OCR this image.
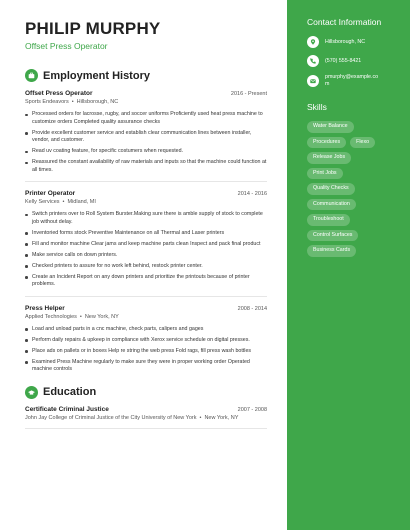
PHILIP MURPHY
Offset Press Operator
Employment History
Offset Press Operator	2016 - Present
Sports Endeavors • Hillsborough, NC
Processed orders for lacrosse, rugby, and soccer uniforms Proficiently used heat press machine to customize orders Completed quality assurance checks
Provide excellent customer service and establish clear communication lines between installer, vendor, and customer.
Read uv coating feature, for specific costumers when requested.
Reassured the constant availability of raw materials and inputs so that the machine could function at all times.
Printer Operator	2014 - 2016
Kelly Services • Midland, MI
Switch printers over to Roll System Burster.Making sure there is amble supply of stock to complete job without delay.
Inventoried forms stock Preventive Maintenance on all Thermal and Laser printers
Fill and monitor machine Clear jams and keep machine parts clean Inspect and pack final product
Make service calls on down printers.
Checked printers to assure for no work left behind, restock printer center.
Create an Incident Report on any down printers and prioritize the printouts because of printer problems.
Press Helper	2008 - 2014
Applied Technologies • New York, NY
Load and unload parts in a cnc machine, check parts, calipers and gages
Perform daily repairs & upkeep in compliance with Xerox service schedule on digital presses.
Place ads on pallets or in boxes Help re string the web press Fold rags, fill press wash bottles
Examined Press Machine regularly to make sure they were in proper working order Operated machine controls
Education
Certificate Criminal Justice	2007 - 2008
John Jay College of Criminal Justice of the City University of New York • New York, NY
Contact Information
Hillsborough, NC
(570) 555-8421
pmurphy@example.co
m
Skills
Water Balance
Procedures	Flexo
Release Jobs
Print Jobs
Quality Checks
Communication
Troubleshoot
Control Surfaces
Business Cards
